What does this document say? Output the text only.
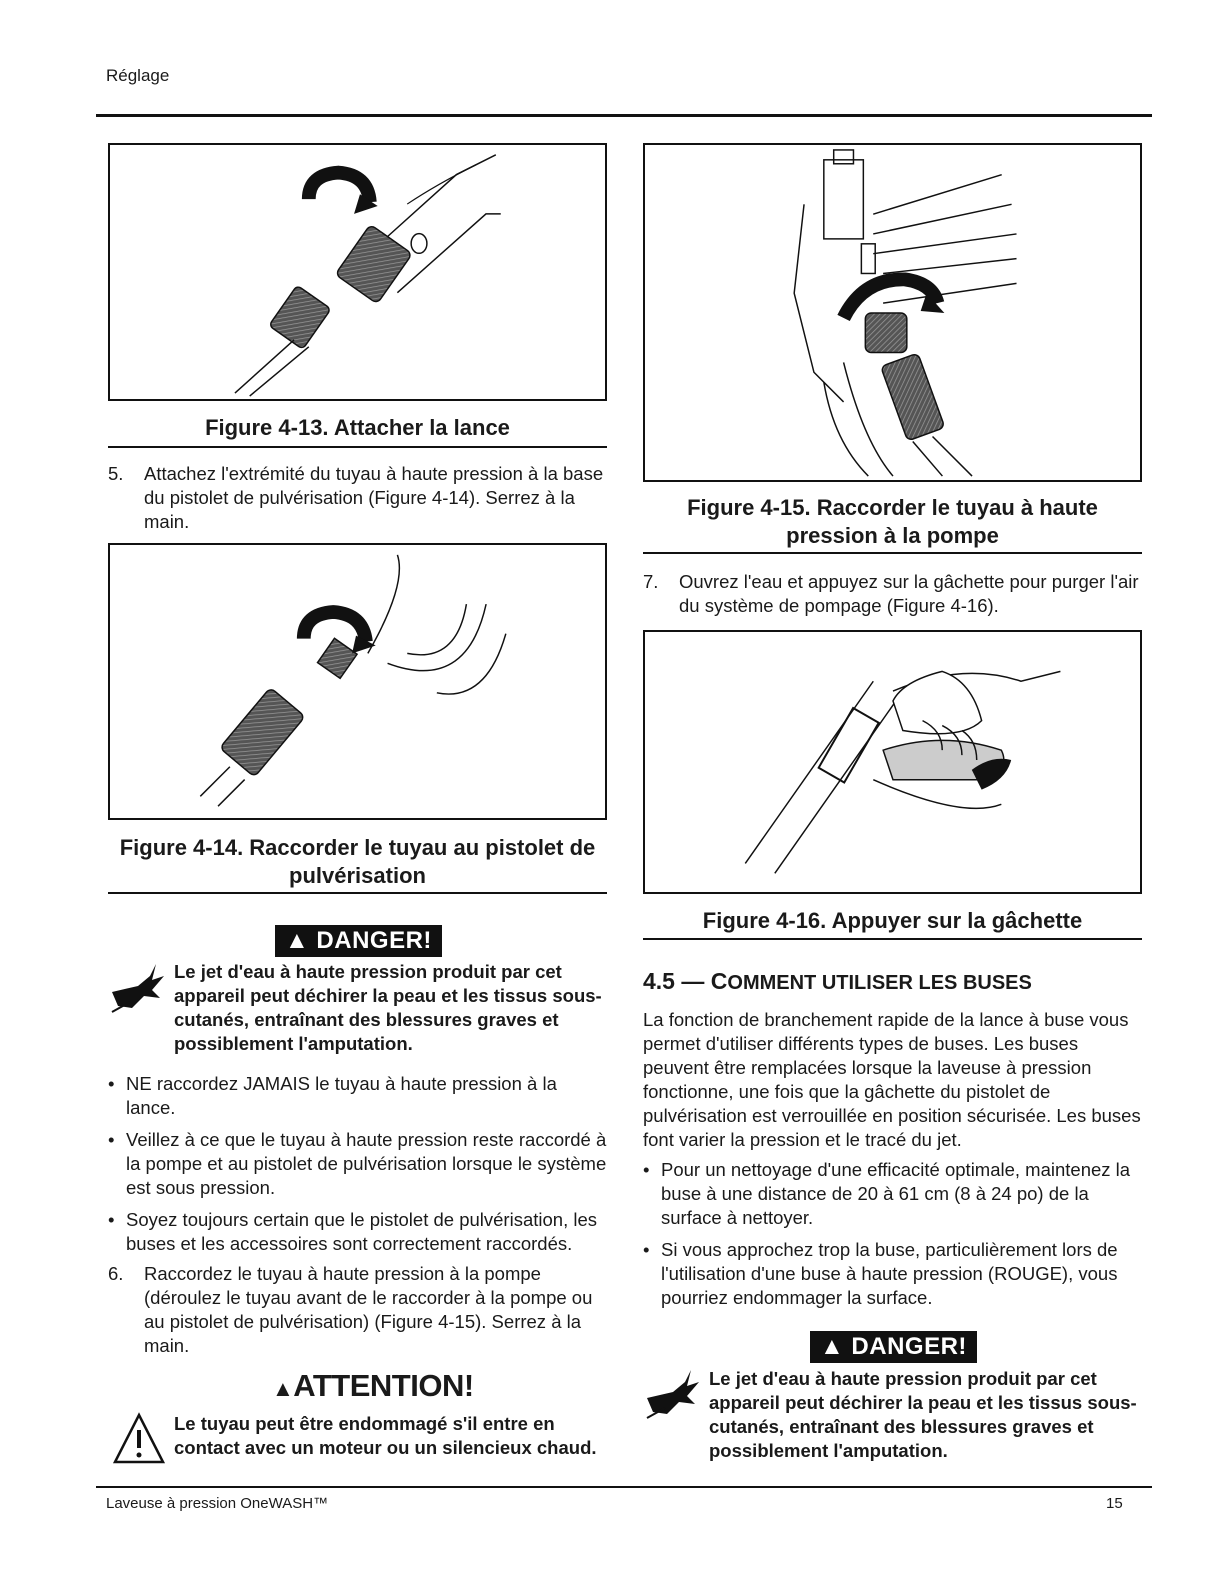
Réglage
Figure 4-13. Attacher la lance
5. Attachez l'extrémité du tuyau à haute pression à la base du pistolet de pulvérisation (Figure 4-14). Serrez à la main.
Figure 4-14. Raccorder le tuyau au pistolet de pulvérisation
▲ DANGER!
Le jet d'eau à haute pression produit par cet appareil peut déchirer la peau et les tissus sous-cutanés, entraînant des blessures graves et possiblement l'amputation.
• NE raccordez JAMAIS le tuyau à haute pression à la lance.
• Veillez à ce que le tuyau à haute pression reste raccordé à la pompe et au pistolet de pulvérisation lorsque le système est sous pression.
• Soyez toujours certain que le pistolet de pulvérisation, les buses et les accessoires sont correctement raccordés.
6. Raccordez le tuyau à haute pression à la pompe (déroulez le tuyau avant de le raccorder à la pompe ou au pistolet de pulvérisation) (Figure 4-15). Serrez à la main.
▲ATTENTION!
Le tuyau peut être endommagé s'il entre en contact avec un moteur ou un silencieux chaud.
Figure 4-15. Raccorder le tuyau à haute pression à la pompe
7. Ouvrez l'eau et appuyez sur la gâchette pour purger l'air du système de pompage (Figure 4-16).
Figure 4-16. Appuyer sur la gâchette
4.5 — COMMENT UTILISER LES BUSES
La fonction de branchement rapide de la lance à buse vous permet d'utiliser différents types de buses. Les buses peuvent être remplacées lorsque la laveuse à pression fonctionne, une fois que la gâchette du pistolet de pulvérisation est verrouillée en position sécurisée. Les buses font varier la pression et le tracé du jet.
• Pour un nettoyage d'une efficacité optimale, maintenez la buse à une distance de 20 à 61 cm (8 à 24 po) de la surface à nettoyer.
• Si vous approchez trop la buse, particulièrement lors de l'utilisation d'une buse à haute pression (ROUGE), vous pourriez endommager la surface.
▲ DANGER!
Le jet d'eau à haute pression produit par cet appareil peut déchirer la peau et les tissus sous-cutanés, entraînant des blessures graves et possiblement l'amputation.
Laveuse à pression OneWASH™	15
